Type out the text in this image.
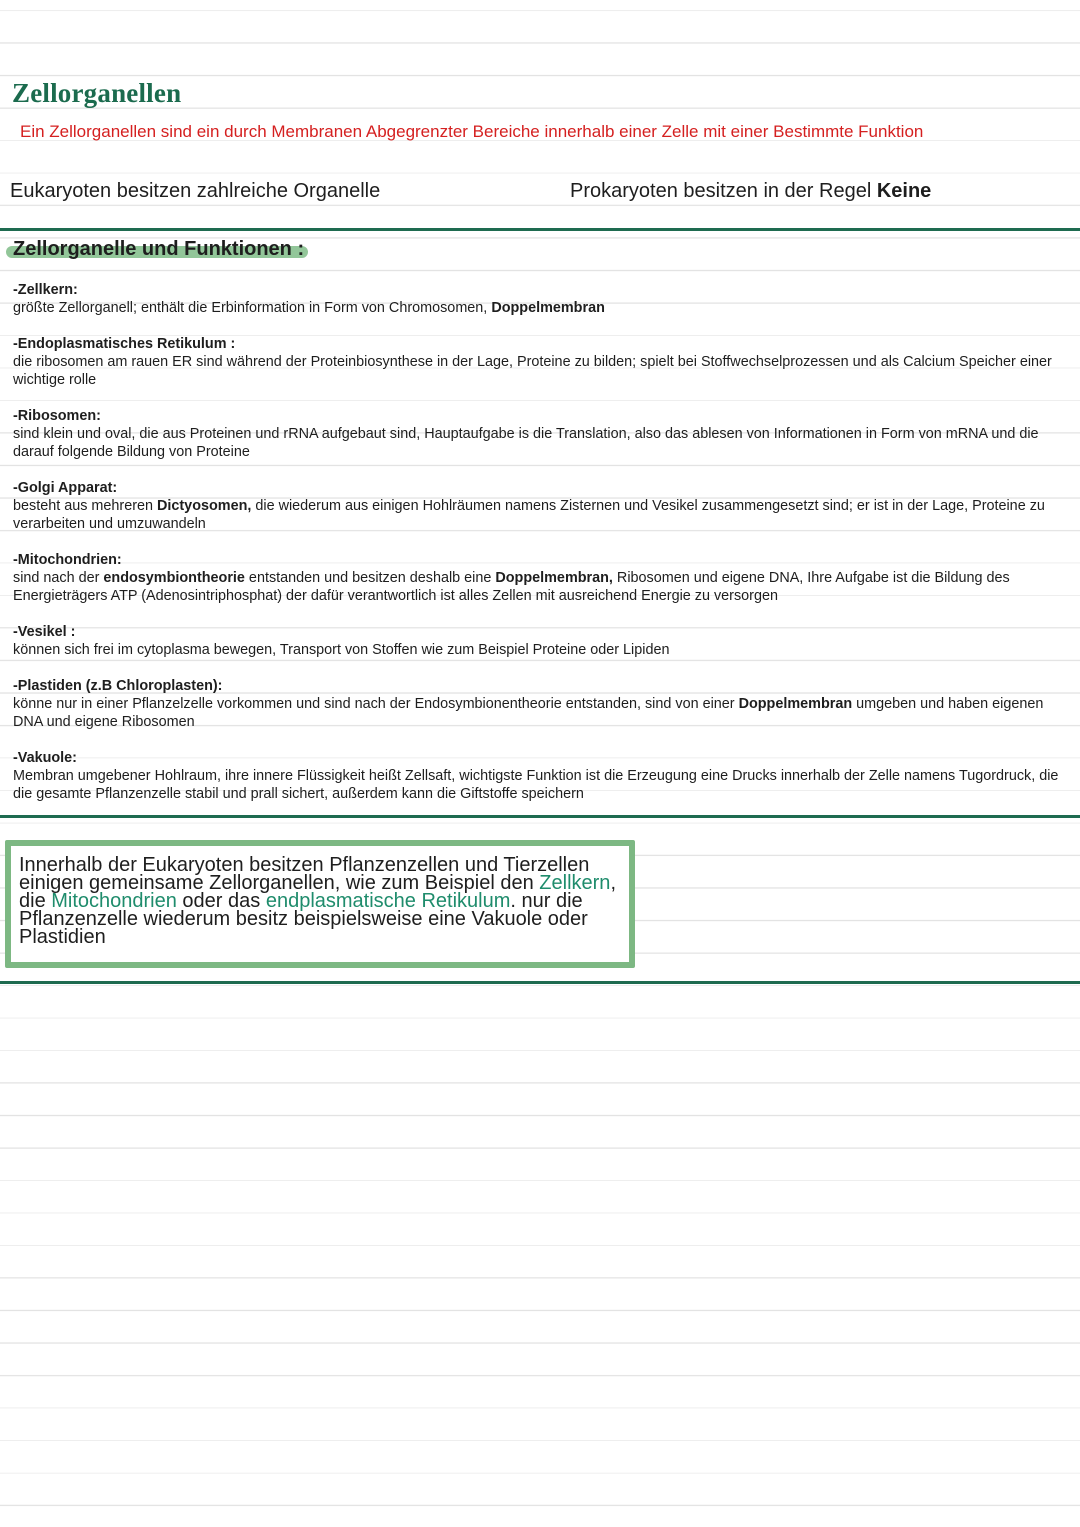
Zellorganellen
Ein Zellorganellen sind ein durch Membranen Abgegrenzter Bereiche innerhalb einer Zelle mit einer Bestimmte Funktion
Eukaryoten besitzen zahlreiche Organelle	Prokaryoten besitzen in der Regel Keine
Zellorganelle und Funktionen :
-Zellkern:
größte Zellorganell; enthält die Erbinformation in Form von Chromosomen, Doppelmembran
-Endoplasmatisches Retikulum :
die ribosomen am rauen ER sind während der Proteinbiosynthese in der Lage, Proteine zu bilden; spielt bei Stoffwechselprozessen und als Calcium Speicher einer wichtige rolle
-Ribosomen:
sind klein und oval, die aus Proteinen und rRNA aufgebaut sind, Hauptaufgabe is die Translation, also das ablesen von Informationen in Form von mRNA und die darauf folgende Bildung von Proteine
-Golgi Apparat:
besteht aus mehreren Dictyosomen, die wiederum aus einigen Hohlräumen namens Zisternen und Vesikel zusammengesetzt sind; er ist in der Lage, Proteine zu verarbeiten und umzuwandeln
-Mitochondrien:
sind nach der endosymbiontheorie entstanden und besitzen deshalb eine Doppelmembran, Ribosomen und eigene DNA, Ihre Aufgabe ist die Bildung des Energieträgers ATP (Adenosintriphosphat) der dafür verantwortlich ist alles Zellen mit ausreichend Energie zu versorgen
-Vesikel :
können sich frei im cytoplasma bewegen, Transport von Stoffen wie zum Beispiel Proteine oder Lipiden
-Plastiden (z.B Chloroplasten):
könne nur in einer Pflanzelzelle vorkommen und sind nach der Endosymbionentheorie entstanden, sind von einer Doppelmembran umgeben und haben eigenen DNA und eigene Ribosomen
-Vakuole:
Membran umgebener Hohlraum, ihre innere Flüssigkeit heißt Zellsaft, wichtigste Funktion ist die Erzeugung eine Drucks innerhalb der Zelle namens Tugordruck, die die gesamte Pflanzenzelle stabil und prall sichert, außerdem kann die Giftstoffe speichern
Innerhalb der Eukaryoten besitzen Pflanzenzellen und Tierzellen einigen gemeinsame Zellorganellen, wie zum Beispiel den Zellkern, die Mitochondrien oder das endplasmatische Retikulum. nur die Pflanzenzelle wiederum besitz beispielsweise eine Vakuole oder Plastidien
